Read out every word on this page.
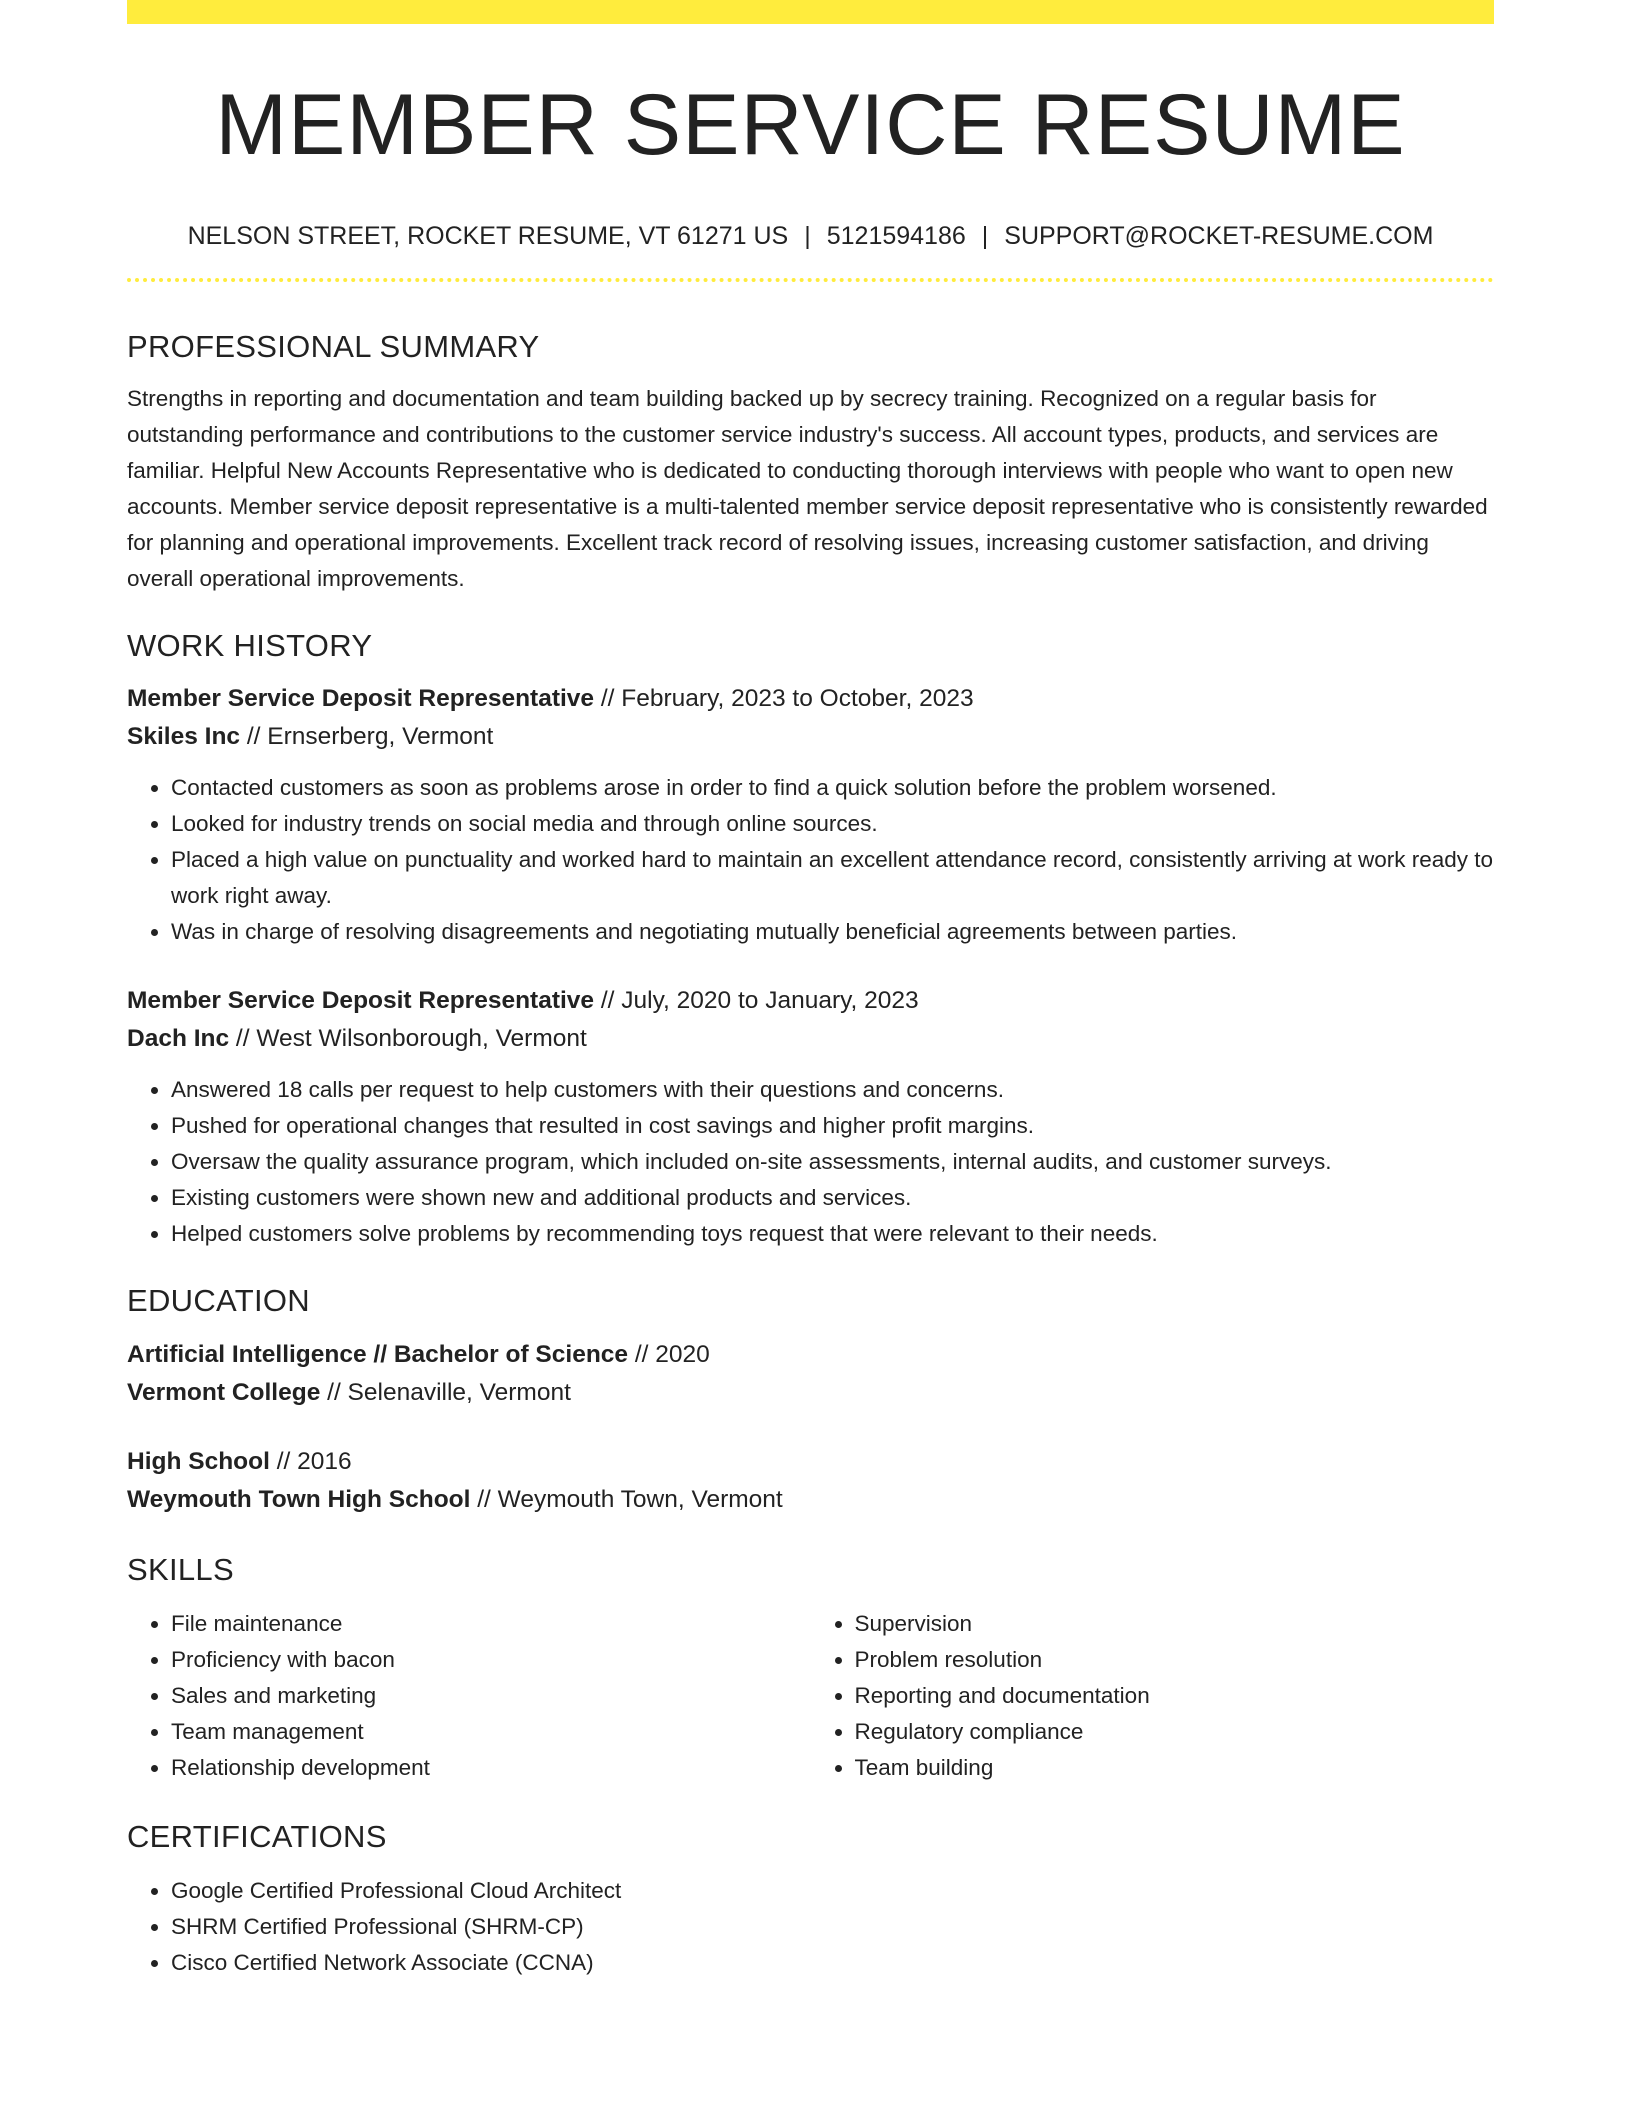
MEMBER SERVICE RESUME
NELSON STREET, ROCKET RESUME, VT 61271 US | 5121594186 | SUPPORT@ROCKET-RESUME.COM
PROFESSIONAL SUMMARY

Strengths in reporting and documentation and team building backed up by secrecy training. Recognized on a regular basis for outstanding performance and contributions to the customer service industry's success. All account types, products, and services are familiar. Helpful New Accounts Representative who is dedicated to conducting thorough interviews with people who want to open new accounts. Member service deposit representative is a multi-talented member service deposit representative who is consistently rewarded for planning and operational improvements. Excellent track record of resolving issues, increasing customer satisfaction, and driving overall operational improvements.

WORK HISTORY

Member Service Deposit Representative // February, 2023 to October, 2023

Skiles Inc // Ernserberg, Vermont

• Contacted customers as soon as problems arose in order to find a quick solution before the problem worsened.
• Looked for industry trends on social media and through online sources.
• Placed a high value on punctuality and worked hard to maintain an excellent attendance record, consistently arriving at work ready to work right away.
• Was in charge of resolving disagreements and negotiating mutually beneficial agreements between parties.

Member Service Deposit Representative // July, 2020 to January, 2023

Dach Inc // West Wilsonborough, Vermont

• Answered 18 calls per request to help customers with their questions and concerns.
• Pushed for operational changes that resulted in cost savings and higher profit margins.
• Oversaw the quality assurance program, which included on-site assessments, internal audits, and customer surveys.
• Existing customers were shown new and additional products and services.
• Helped customers solve problems by recommending toys request that were relevant to their needs.
EDUCATION

Artificial Intelligence // Bachelor of Science // 2020

Vermont College // Selenaville, Vermont

High School // 2016

Weymouth Town High School // Weymouth Town, Vermont

SKILLS
• File maintenance
• Proficiency with bacon
• Sales and marketing
• Team management
• Relationship development
• Supervision
• Problem resolution
• Reporting and documentation
• Regulatory compliance
• Team building
CERTIFICATIONS
• Google Certified Professional Cloud Architect
• SHRM Certified Professional (SHRM-CP)
• Cisco Certified Network Associate (CCNA)
